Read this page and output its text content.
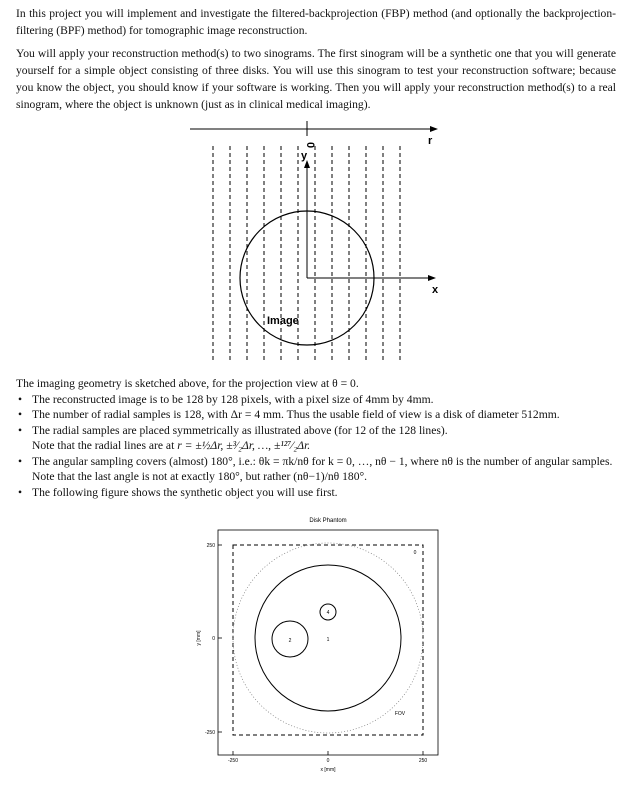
In this project you will implement and investigate the filtered-backprojection (FBP) method (and optionally the backprojection-filtering (BPF) method) for tomographic image reconstruction.

You will apply your reconstruction method(s) to two sinograms. The first sinogram will be a synthetic one that you will generate yourself for a simple object consisting of three disks. You will use this sinogram to test your reconstruction software; because you know the object, you should know if your software is working. Then you will apply your reconstruction method(s) to a real sinogram, where the object is unknown (just as in clinical medical imaging).

0	r
y
x
Image

The imaging geometry is sketched above, for the projection view at θ = 0.

• The reconstructed image is to be 128 by 128 pixels, with a pixel size of 4mm by 4mm.
• The number of radial samples is 128, with Δr = 4 mm. Thus the usable field of view is a disk of diameter 512mm.
• The radial samples are placed symmetrically as illustrated above (for 12 of the 128 lines).
Note that the radial lines are at r = ±½Δr, ±³⁄₂Δr, …, ±¹²⁷⁄₂Δr.
• The angular sampling covers (almost) 180°, i.e.: θk = πk/nθ for k = 0, …, nθ − 1, where nθ is the number of angular samples. Note that the last angle is not at exactly 180°, but rather (nθ−1)/nθ 180°.
• The following figure shows the synthetic object you will use first.
Disk Phantom
2
4
1
0
FOV
250
0
-250
-250	0	250
x [mm]
y [mm]
